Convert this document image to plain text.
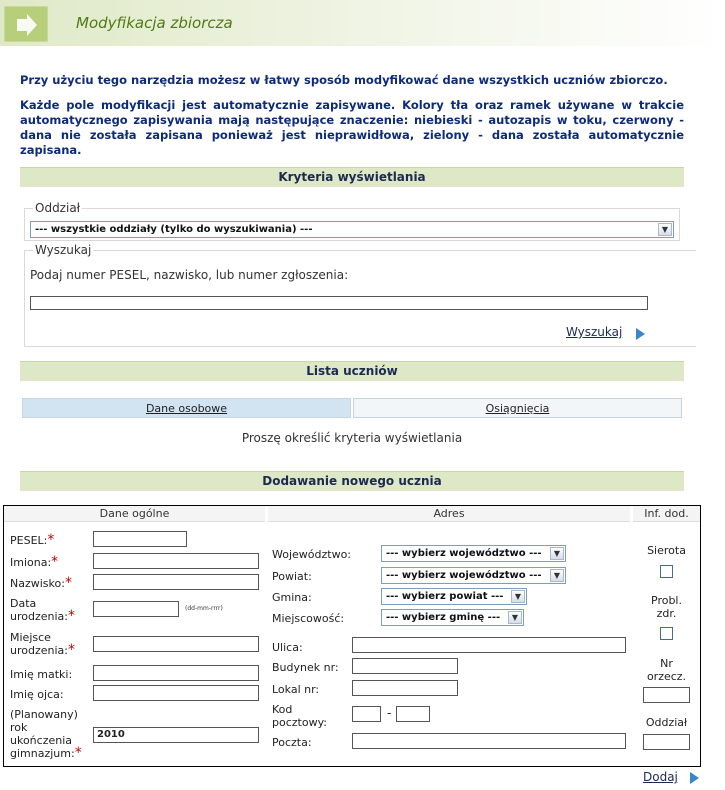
Modyfikacja zbiorcza
Przy użyciu tego narzędzia możesz w łatwy sposób modyfikować dane wszystkich uczniów zbiorczo.
Każde pole modyfikacji jest automatycznie zapisywane. Kolory tła oraz ramek używane w trakcie automatycznego zapisywania mają następujące znaczenie: niebieski - autozapis w toku, czerwony - dana nie została zapisana ponieważ jest nieprawidłowa, zielony - dana została automatycznie zapisana.
Kryteria wyświetlania
Oddział
--- wszystkie oddziały (tylko do wyszukiwania) ---	▼
Wyszukaj
Podaj numer PESEL, nazwisko, lub numer zgłoszenia:
Wyszukaj
Lista uczniów
Dane osobowe	Osiągnięcia
Proszę określić kryteria wyświetlania
Dodawanie nowego ucznia
Dane ogólne	Adres	Inf. dod.
PESEL:*
Imiona:*
Nazwisko:*
Data
urodzenia:*	(dd-mm-rrrr)
Miejsce
urodzenia:*
Imię matki:
Imię ojca:
(Planowany)
rok
ukończenia
gimnazjum:*
2010
Województwo:	--- wybierz województwo ---	▼
Powiat:	--- wybierz województwo ---	▼
Gmina:	--- wybierz powiat ---	▼
Miejscowość:	--- wybierz gminę ---	▼
Ulica:
Budynek nr:
Lokal nr:
Kod
pocztowy:
-
Poczta:
Sierota
Probl.
zdr.
Nr
orzecz.
Oddział
Dodaj
